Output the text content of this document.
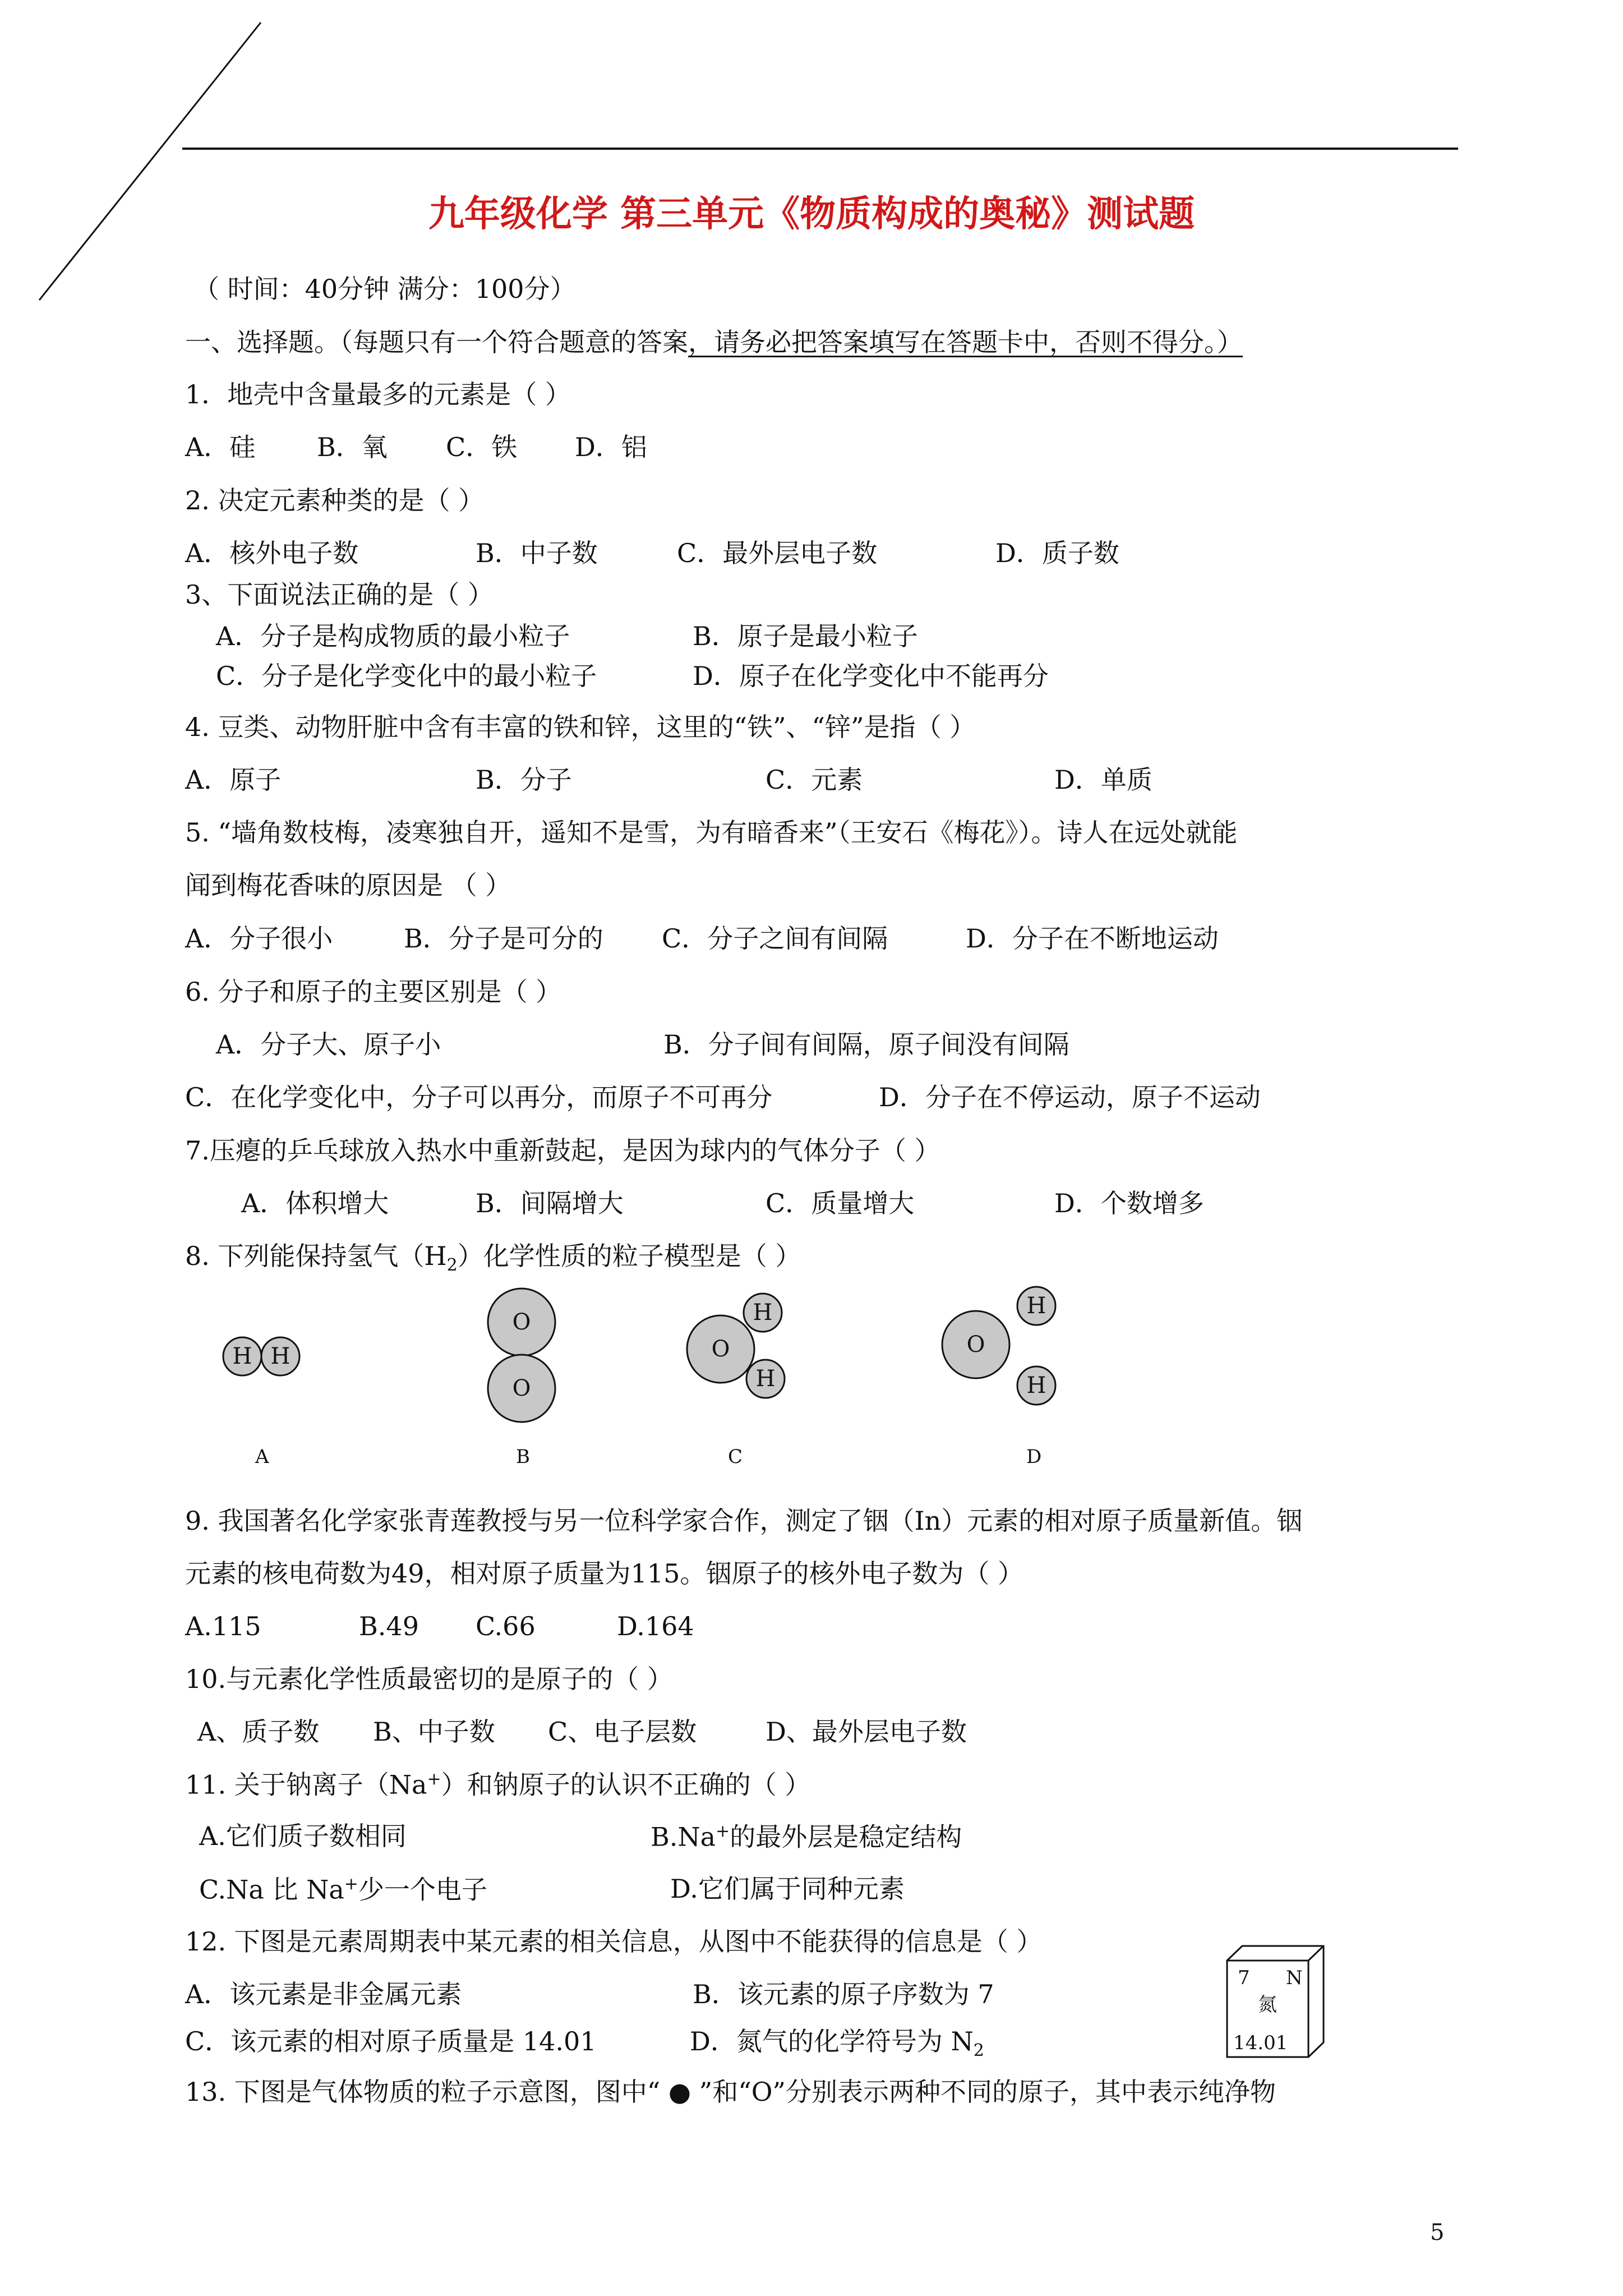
九年级化学 第三单元《物质构成的奥秘》测试题
（ 时间：40分钟 满分：100分）
一、选择题。（每题只有一个符合题意的答案，请务必把答案填写在答题卡中，否则不得分。）
1．地壳中含量最多的元素是（ ）
A．硅 B．氧 C．铁 D．铝
2. 决定元素种类的是（ ）
A．核外电子数	B．中子数	C．最外层电子数	D．质子数
3、下面说法正确的是（ ）
A．分子是构成物质的最小粒子	B．原子是最小粒子
C．分子是化学变化中的最小粒子	D．原子在化学变化中不能再分
4. 豆类、动物肝脏中含有丰富的铁和锌，这里的“铁”、“锌”是指（ ）
A．原子	B．分子	C．元素	D．单质
5. “墙角数枝梅，凌寒独自开，遥知不是雪，为有暗香来”（王安石《梅花》）。诗人在远处就能
闻到梅花香味的原因是 （ ）
A．分子很小	B．分子是可分的 C．分子之间有间隔	D．分子在不断地运动
6. 分子和原子的主要区别是（ ）
A．分子大、原子小	B．分子间有间隔，原子间没有间隔
C．在化学变化中，分子可以再分，而原子不可再分	D．分子在不停运动，原子不运动
7.压瘪的乒乓球放入热水中重新鼓起，是因为球内的气体分子（ ）
A．体积增大	B．间隔增大	C．质量增大	D．个数增多
8. 下列能保持氢气$(H_2)$化学性质的粒子模型是（ ）
H H
O
O
O
H
H
O
H
H
A	B	C	D
9. 我国著名化学家张青莲教授与另一位科学家合作，测定了铟（In）元素的相对原子质量新值。铟
元素的核电荷数为49，相对原子质量为115。铟原子的核外电子数为（ ）
A.115	B.49 C.66	D.164
10.与元素化学性质最密切的是原子的（ ）
A、质子数 B、中子数 C、电子层数	D、最外层电子数
11. 关于钠离子（Na+）和钠原子的认识不正确的（ ）
A.它们质子数相同	B.Na+的最外层是稳定结构
C.Na 比 Na+少一个电子	D.它们属于同种元素
12. 下图是元素周期表中某元素的相关信息，从图中不能获得的信息是（ ）
A．该元素是非金属元素	B．该元素的原子序数为 7
C．该元素的相对原子质量是 14.01	D．氮气的化学符号为 $N_2$
7 N
氮
14.01
13. 下图是气体物质的粒子示意图，图中“ ● ”和“O”分别表示两种不同的原子，其中表示纯净物
5
